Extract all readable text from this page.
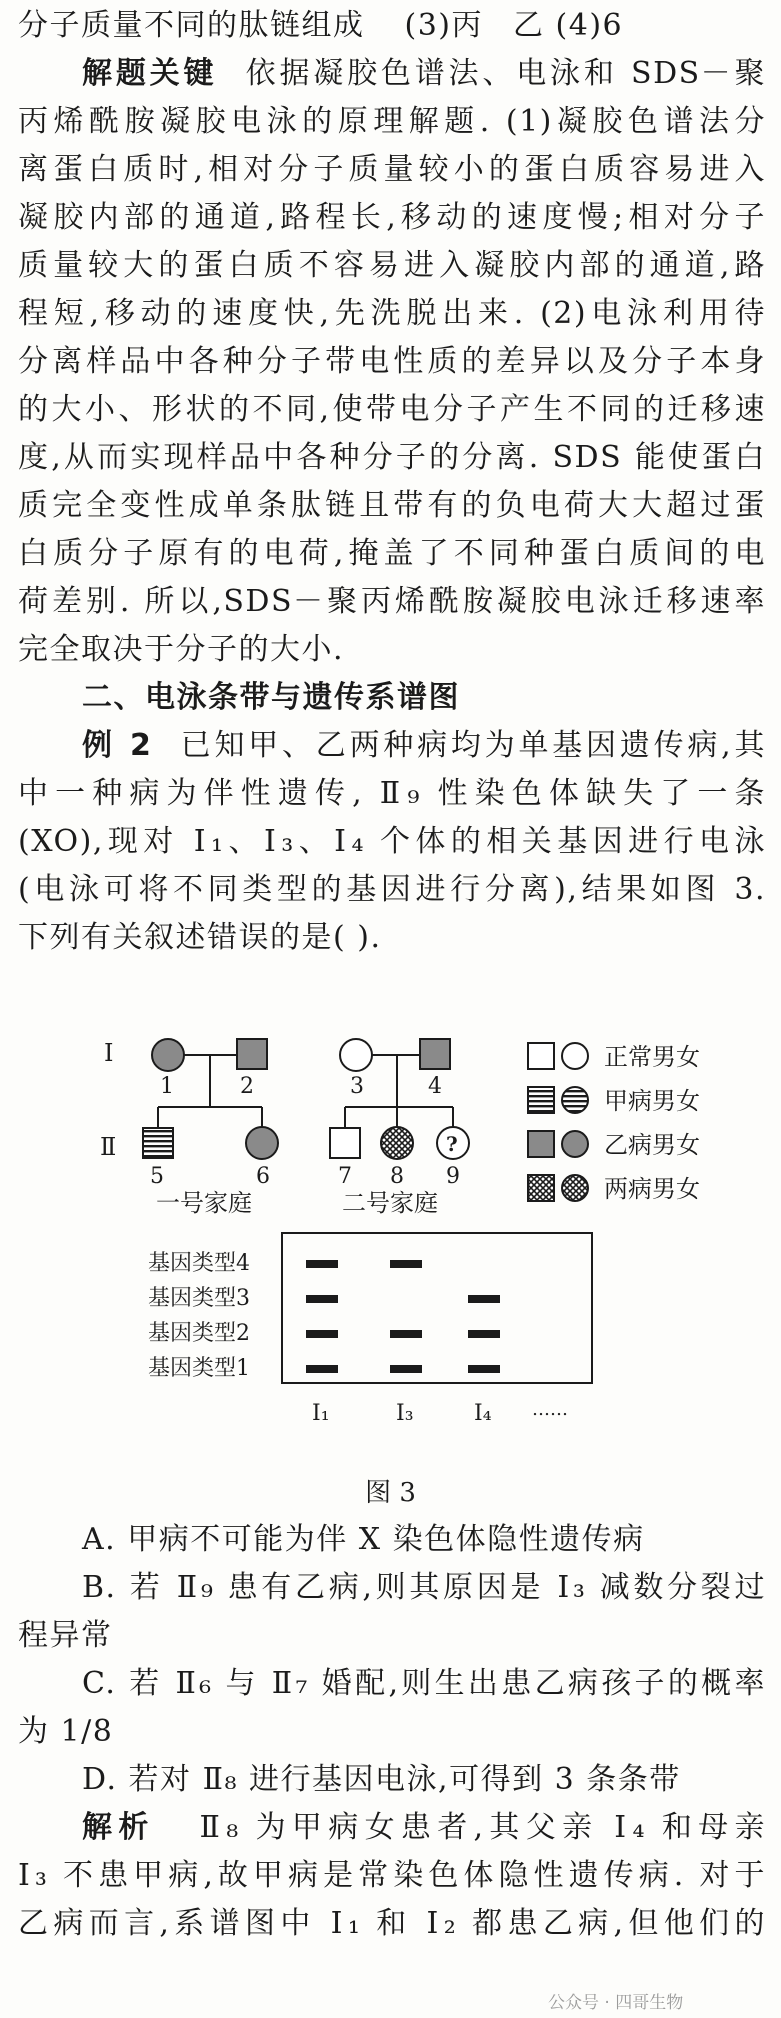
分子质量不同的肽链组成 (3)丙 乙 (4)6
解题关键 依据凝胶色谱法、电泳和 SDS－聚
丙烯酰胺凝胶电泳的原理解题. (1)凝胶色谱法分
离蛋白质时,相对分子质量较小的蛋白质容易进入
凝胶内部的通道,路程长,移动的速度慢;相对分子
质量较大的蛋白质不容易进入凝胶内部的通道,路
程短,移动的速度快,先洗脱出来. (2)电泳利用待
分离样品中各种分子带电性质的差异以及分子本身
的大小、形状的不同,使带电分子产生不同的迁移速
度,从而实现样品中各种分子的分离. SDS 能使蛋白
质完全变性成单条肽链且带有的负电荷大大超过蛋
白质分子原有的电荷,掩盖了不同种蛋白质间的电
荷差别. 所以,SDS－聚丙烯酰胺凝胶电泳迁移速率
完全取决于分子的大小.
二、电泳条带与遗传系谱图
例 2 已知甲、乙两种病均为单基因遗传病,其
中一种病为伴性遗传, Ⅱ₉ 性染色体缺失了一条
(XO),现对 Ⅰ₁、Ⅰ₃、Ⅰ₄ 个体的相关基因进行电泳
(电泳可将不同类型的基因进行分离),结果如图 3.
下列有关叙述错误的是( ).
Ⅰ
Ⅱ
1	2
5	6
一号家庭
?
3	4
7 8 9
二号家庭
正常男女
甲病男女
乙病男女
两病男女
基因类型4
基因类型3
基因类型2
基因类型1
Ⅰ₁	Ⅰ₃	Ⅰ₄ ……
图 3
A. 甲病不可能为伴 X 染色体隐性遗传病
B. 若 Ⅱ₉ 患有乙病,则其原因是 Ⅰ₃ 减数分裂过
程异常
C. 若 Ⅱ₆ 与 Ⅱ₇ 婚配,则生出患乙病孩子的概率
为 1/8
D. 若对 Ⅱ₈ 进行基因电泳,可得到 3 条条带
解析 Ⅱ₈ 为甲病女患者,其父亲 Ⅰ₄ 和母亲
Ⅰ₃ 不患甲病,故甲病是常染色体隐性遗传病. 对于
乙病而言,系谱图中 Ⅰ₁ 和 Ⅰ₂ 都患乙病,但他们的
公众号 · 四哥生物
